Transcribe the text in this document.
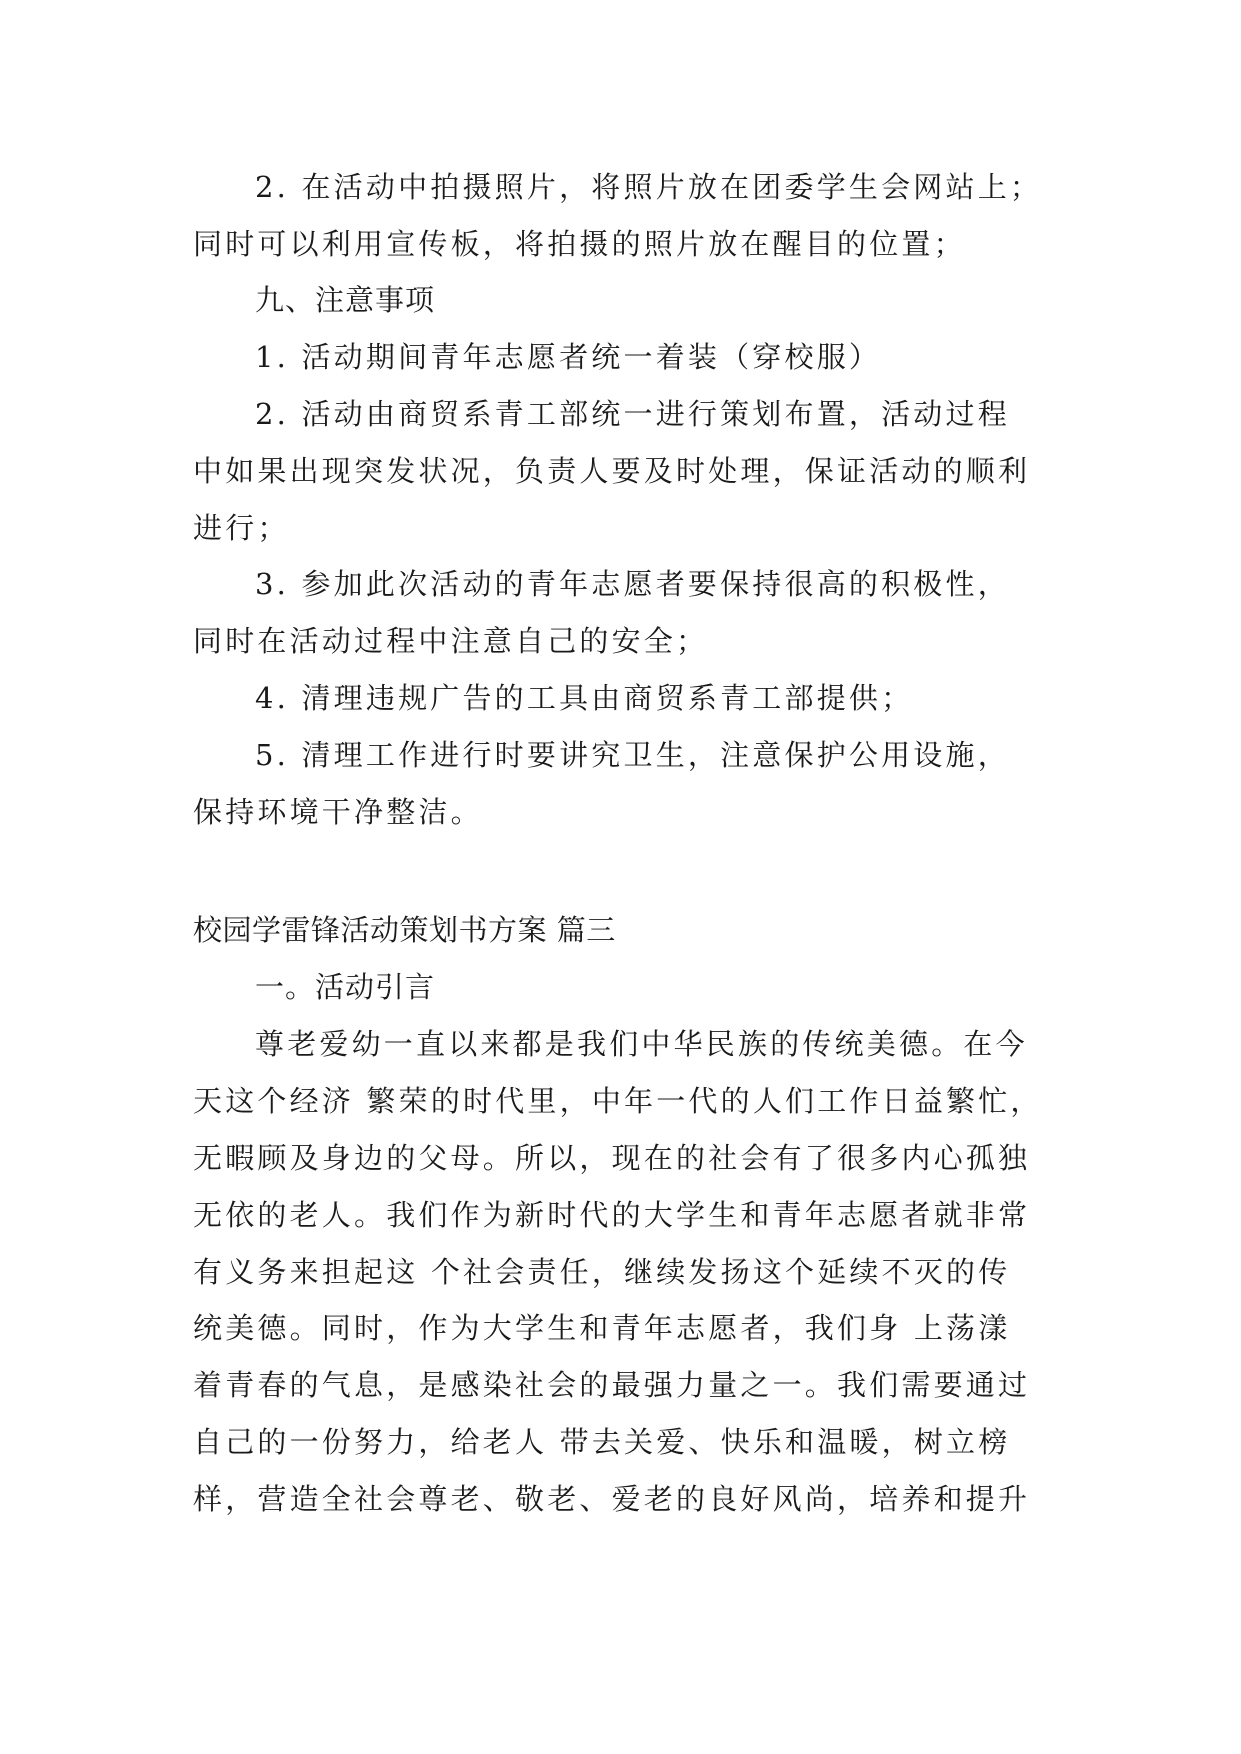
2. 在活动中拍摄照片，将照片放在团委学生会网站上；
同时可以利用宣传板，将拍摄的照片放在醒目的位置；
九、注意事项
1. 活动期间青年志愿者统一着装（穿校服）
2. 活动由商贸系青工部统一进行策划布置，活动过程
中如果出现突发状况，负责人要及时处理，保证活动的顺利
进行；
3. 参加此次活动的青年志愿者要保持很高的积极性，
同时在活动过程中注意自己的安全；
4. 清理违规广告的工具由商贸系青工部提供；
5. 清理工作进行时要讲究卫生，注意保护公用设施，
保持环境干净整洁。
校园学雷锋活动策划书方案 篇三
一。活动引言
尊老爱幼一直以来都是我们中华民族的传统美德。在今
天这个经济 繁荣的时代里，中年一代的人们工作日益繁忙，
无暇顾及身边的父母。所以，现在的社会有了很多内心孤独
无依的老人。我们作为新时代的大学生和青年志愿者就非常
有义务来担起这 个社会责任，继续发扬这个延续不灭的传
统美德。同时，作为大学生和青年志愿者，我们身 上荡漾
着青春的气息，是感染社会的最强力量之一。我们需要通过
自己的一份努力，给老人 带去关爱、快乐和温暖，树立榜
样，营造全社会尊老、敬老、爱老的良好风尚，培养和提升
